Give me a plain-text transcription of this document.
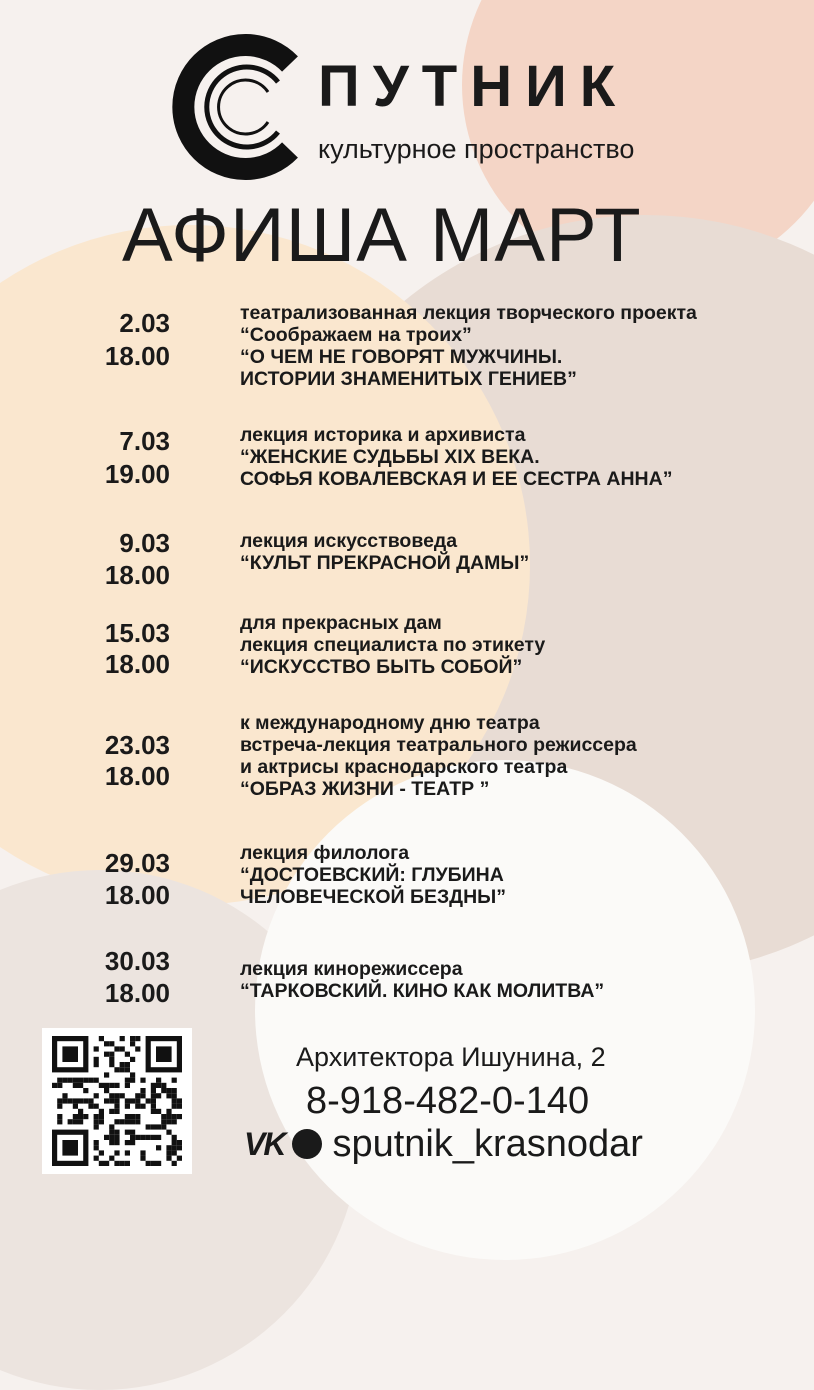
ПУТНИК
культурное пространство
АФИША МАРТ
2.03
18.00
театрализованная лекция творческого проекта
“Соображаем на троих”
“О ЧЕМ НЕ ГОВОРЯТ МУЖЧИНЫ.
ИСТОРИИ ЗНАМЕНИТЫХ ГЕНИЕВ”
7.03
19.00
лекция историка и архивиста
“ЖЕНСКИЕ СУДЬБЫ XIX ВЕКА.
СОФЬЯ КОВАЛЕВСКАЯ И ЕЕ СЕСТРА АННА”
9.03
18.00
лекция искусствоведа
“КУЛЬТ ПРЕКРАСНОЙ ДАМЫ”
15.03
18.00
для прекрасных дам
лекция специалиста по этикету
“ИСКУССТВО БЫТЬ СОБОЙ”
23.03
18.00
к международному дню театра
встреча-лекция театрального режиссера
и актрисы краснодарского театра
“ОБРАЗ ЖИЗНИ - ТЕАТР ”
29.03
18.00
лекция филолога
“ДОСТОЕВСКИЙ: ГЛУБИНА
ЧЕЛОВЕЧЕСКОЙ БЕЗДНЫ”
30.03
18.00
лекция кинорежиссера
“ТАРКОВСКИЙ. КИНО КАК МОЛИТВА”
Архитектора Ишунина, 2
8-918-482-0-140
VK sputnik_krasnodar
